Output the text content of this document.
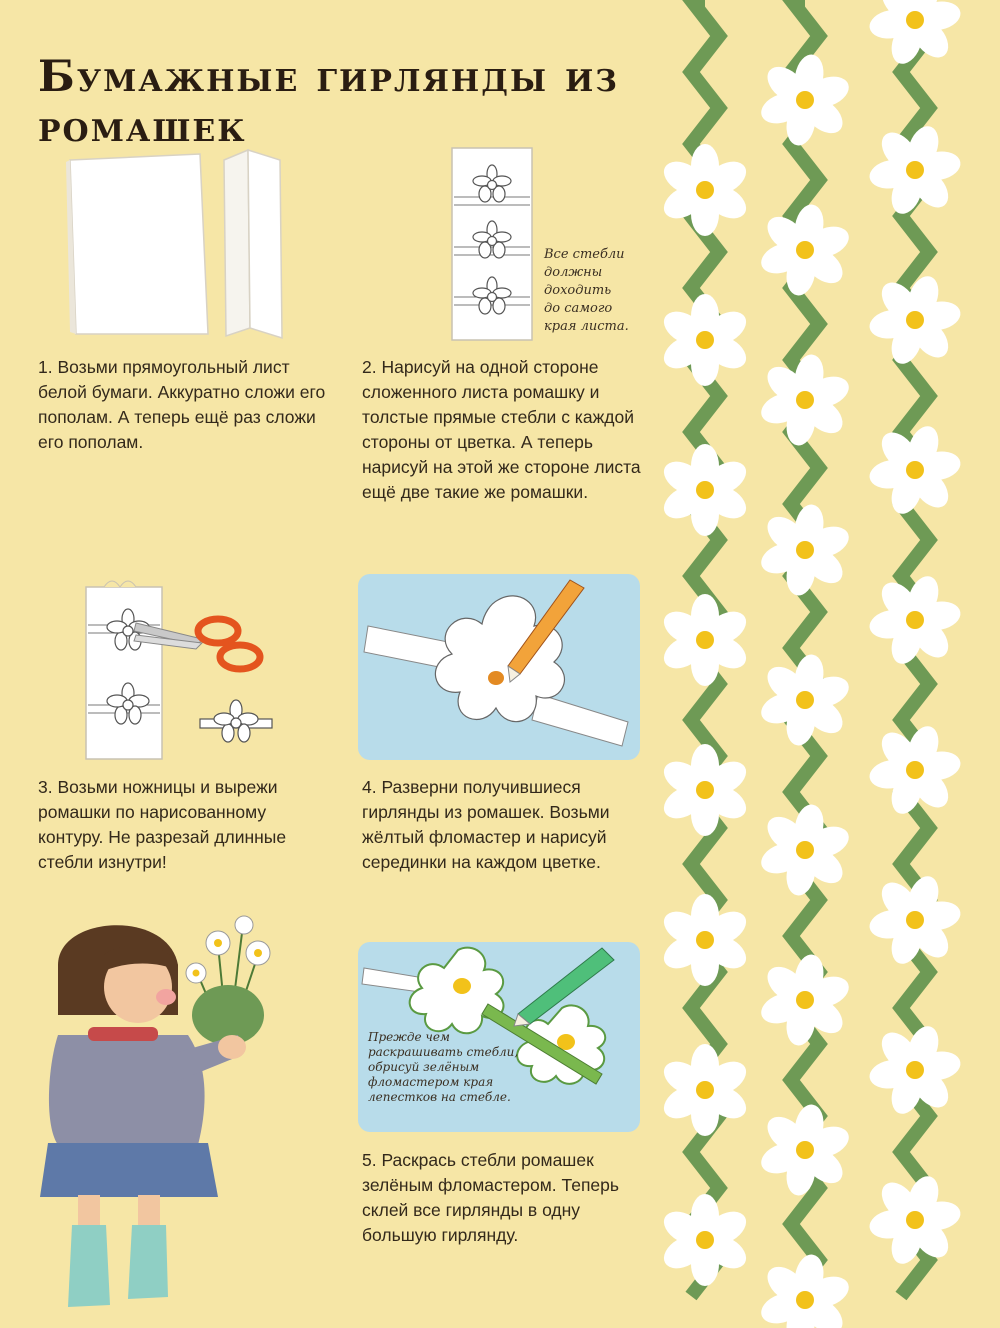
Бумажные гирлянды из ромашек
Все стебли должны доходить до самого края листа.
1. Возьми прямоугольный лист белой бумаги. Аккуратно сложи его пополам. А теперь ещё раз сложи его пополам.
2. Нарисуй на одной стороне сложенного листа ромашку и толстые прямые стебли с каждой стороны от цветка. А теперь нарисуй на этой же стороне листа ещё две такие же ромашки.
3. Возьми ножницы и вырежи ромашки по нарисованному контуру. Не разрезай длинные стебли изнутри!
4. Разверни получившиеся гирлянды из ромашек. Возьми жёлтый фломастер и нарисуй серединки на каждом цветке.
Прежде чем раскрашивать стебли, обрисуй зелёным фломастером края лепестков на стебле.
5. Раскрась стебли ромашек зелёным фломастером. Теперь склей все гирлянды в одну большую гирлянду.
